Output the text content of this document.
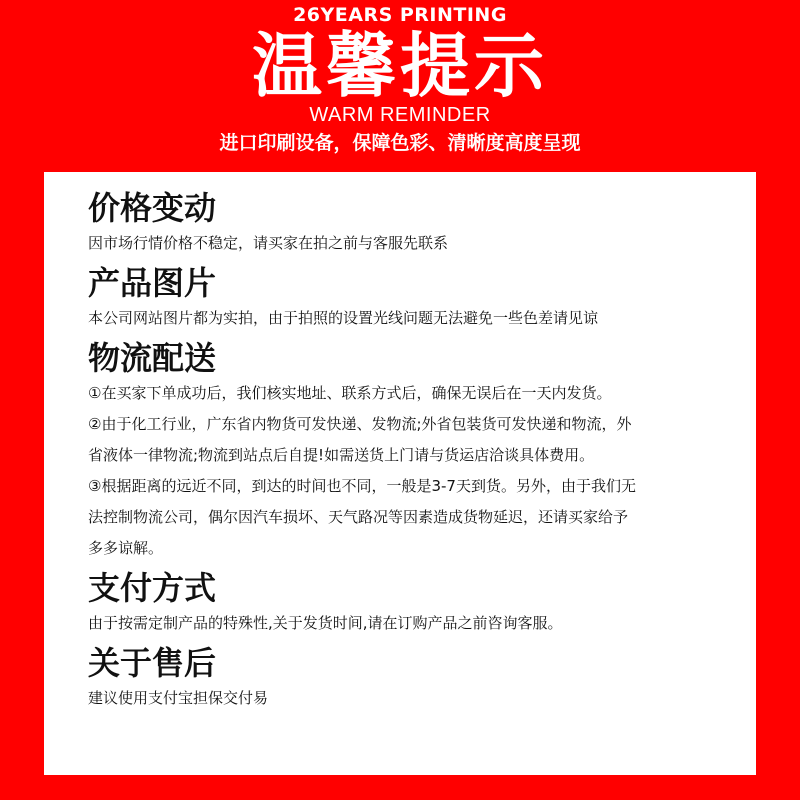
26YEARS PRINTING
温馨提示
WARM REMINDER
进口印刷设备，保障色彩、清晰度高度呈现

价格变动

因市场行情价格不稳定，请买家在拍之前与客服先联系

产品图片

本公司网站图片都为实拍，由于拍照的设置光线问题无法避免一些色差请见谅

物流配送

①在买家下单成功后，我们核实地址、联系方式后，确保无误后在一天内发货。

②由于化工行业，广东省内物货可发快递、发物流;外省包装货可发快递和物流，外

省液体一律物流;物流到站点后自提!如需送货上门请与货运店洽谈具体费用。

③根据距离的远近不同，到达的时间也不同，一般是3-7天到货。另外，由于我们无

法控制物流公司，偶尔因汽车损坏、天气路况等因素造成货物延迟，还请买家给予

多多谅解。

支付方式

由于按需定制产品的特殊性,关于发货时间,请在订购产品之前咨询客服。

关于售后

建议使用支付宝担保交付易
